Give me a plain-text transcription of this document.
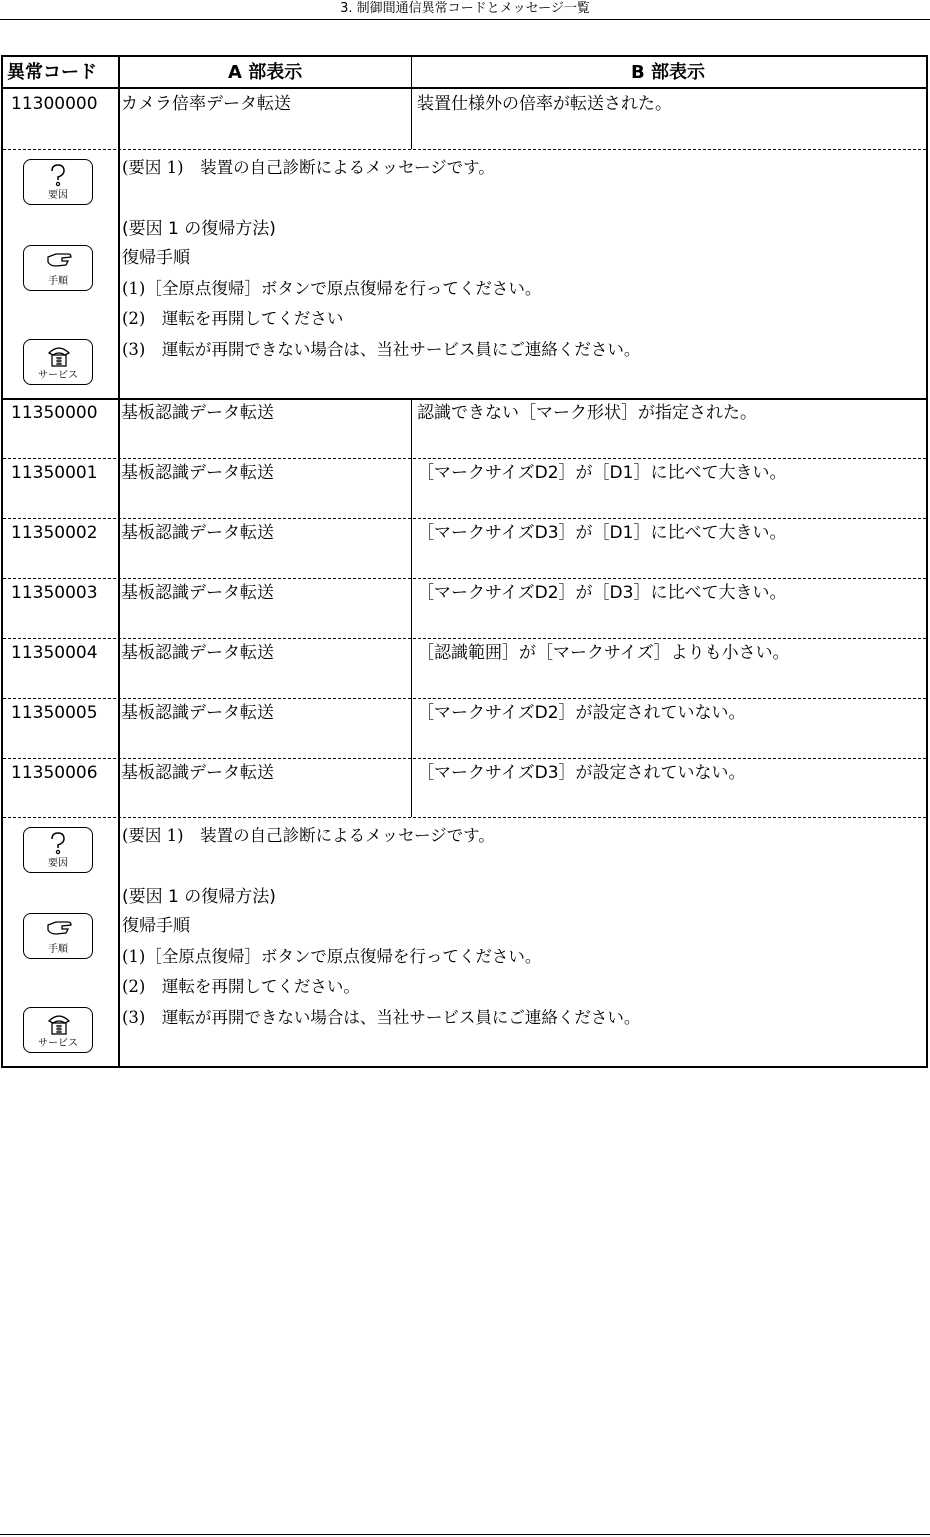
3. 制御間通信異常コードとメッセージ一覧
異常コード	A 部表示	B 部表示
11300000 カメラ倍率データ転送	装置仕様外の倍率が転送された。
要因
手順
サービス
(要因 1)　装置の自己診断によるメッセージです。
(要因 1 の復帰方法)
復帰手順
(1)［全原点復帰］ボタンで原点復帰を行ってください。
(2)　運転を再開してください
(3)　運転が再開できない場合は、当社サービス員にご連絡ください。
11350000 基板認識データ転送	認識できない［マーク形状］が指定された。
11350001 基板認識データ転送	［マークサイズD2］が［D1］に比べて大きい。
11350002 基板認識データ転送	［マークサイズD3］が［D1］に比べて大きい。
11350003 基板認識データ転送	［マークサイズD2］が［D3］に比べて大きい。
11350004 基板認識データ転送	［認識範囲］が［マークサイズ］よりも小さい。
11350005 基板認識データ転送	［マークサイズD2］が設定されていない。
11350006 基板認識データ転送	［マークサイズD3］が設定されていない。
要因
手順
サービス
(要因 1)　装置の自己診断によるメッセージです。
(要因 1 の復帰方法)
復帰手順
(1)［全原点復帰］ボタンで原点復帰を行ってください。
(2)　運転を再開してください。
(3)　運転が再開できない場合は、当社サービス員にご連絡ください。
